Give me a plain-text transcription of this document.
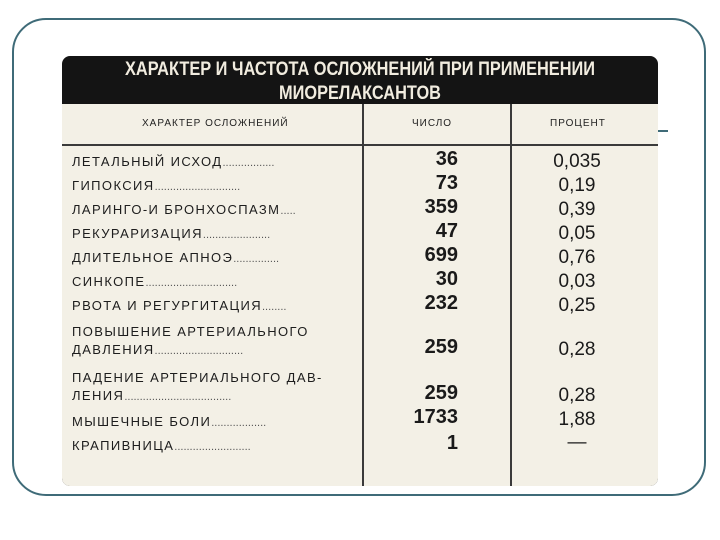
ХАРАКТЕР И ЧАСТОТА ОСЛОЖНЕНИЙ ПРИ ПРИМЕНЕНИИ
МИОРЕЛАКСАНТОВ
ХАРАКТЕР ОСЛОЖНЕНИЙ	ЧИСЛО	ПРОЦЕНТ
ЛЕТАЛЬНЫЙ ИСХОД.................	36	0,035
ГИПОКСИЯ............................	73	0,19
ЛАРИНГО-И БРОНХОСПАЗМ.....	359	0,39
РЕКУРАРИЗАЦИЯ......................	47	0,05
ДЛИТЕЛЬНОЕ АПНОЭ...............	699	0,76
СИНКОПЕ..............................	30	0,03
РВОТА И РЕГУРГИТАЦИЯ........	232	0,25
ПОВЫШЕНИЕ АРТЕРИАЛЬНОГО
ДАВЛЕНИЯ.............................	259	0,28
ПАДЕНИЕ АРТЕРИАЛЬНОГО ДАВ-
ЛЕНИЯ...................................	259	0,28
МЫШЕЧНЫЕ БОЛИ..................	1733	1,88
КРАПИВНИЦА.........................	1	—
